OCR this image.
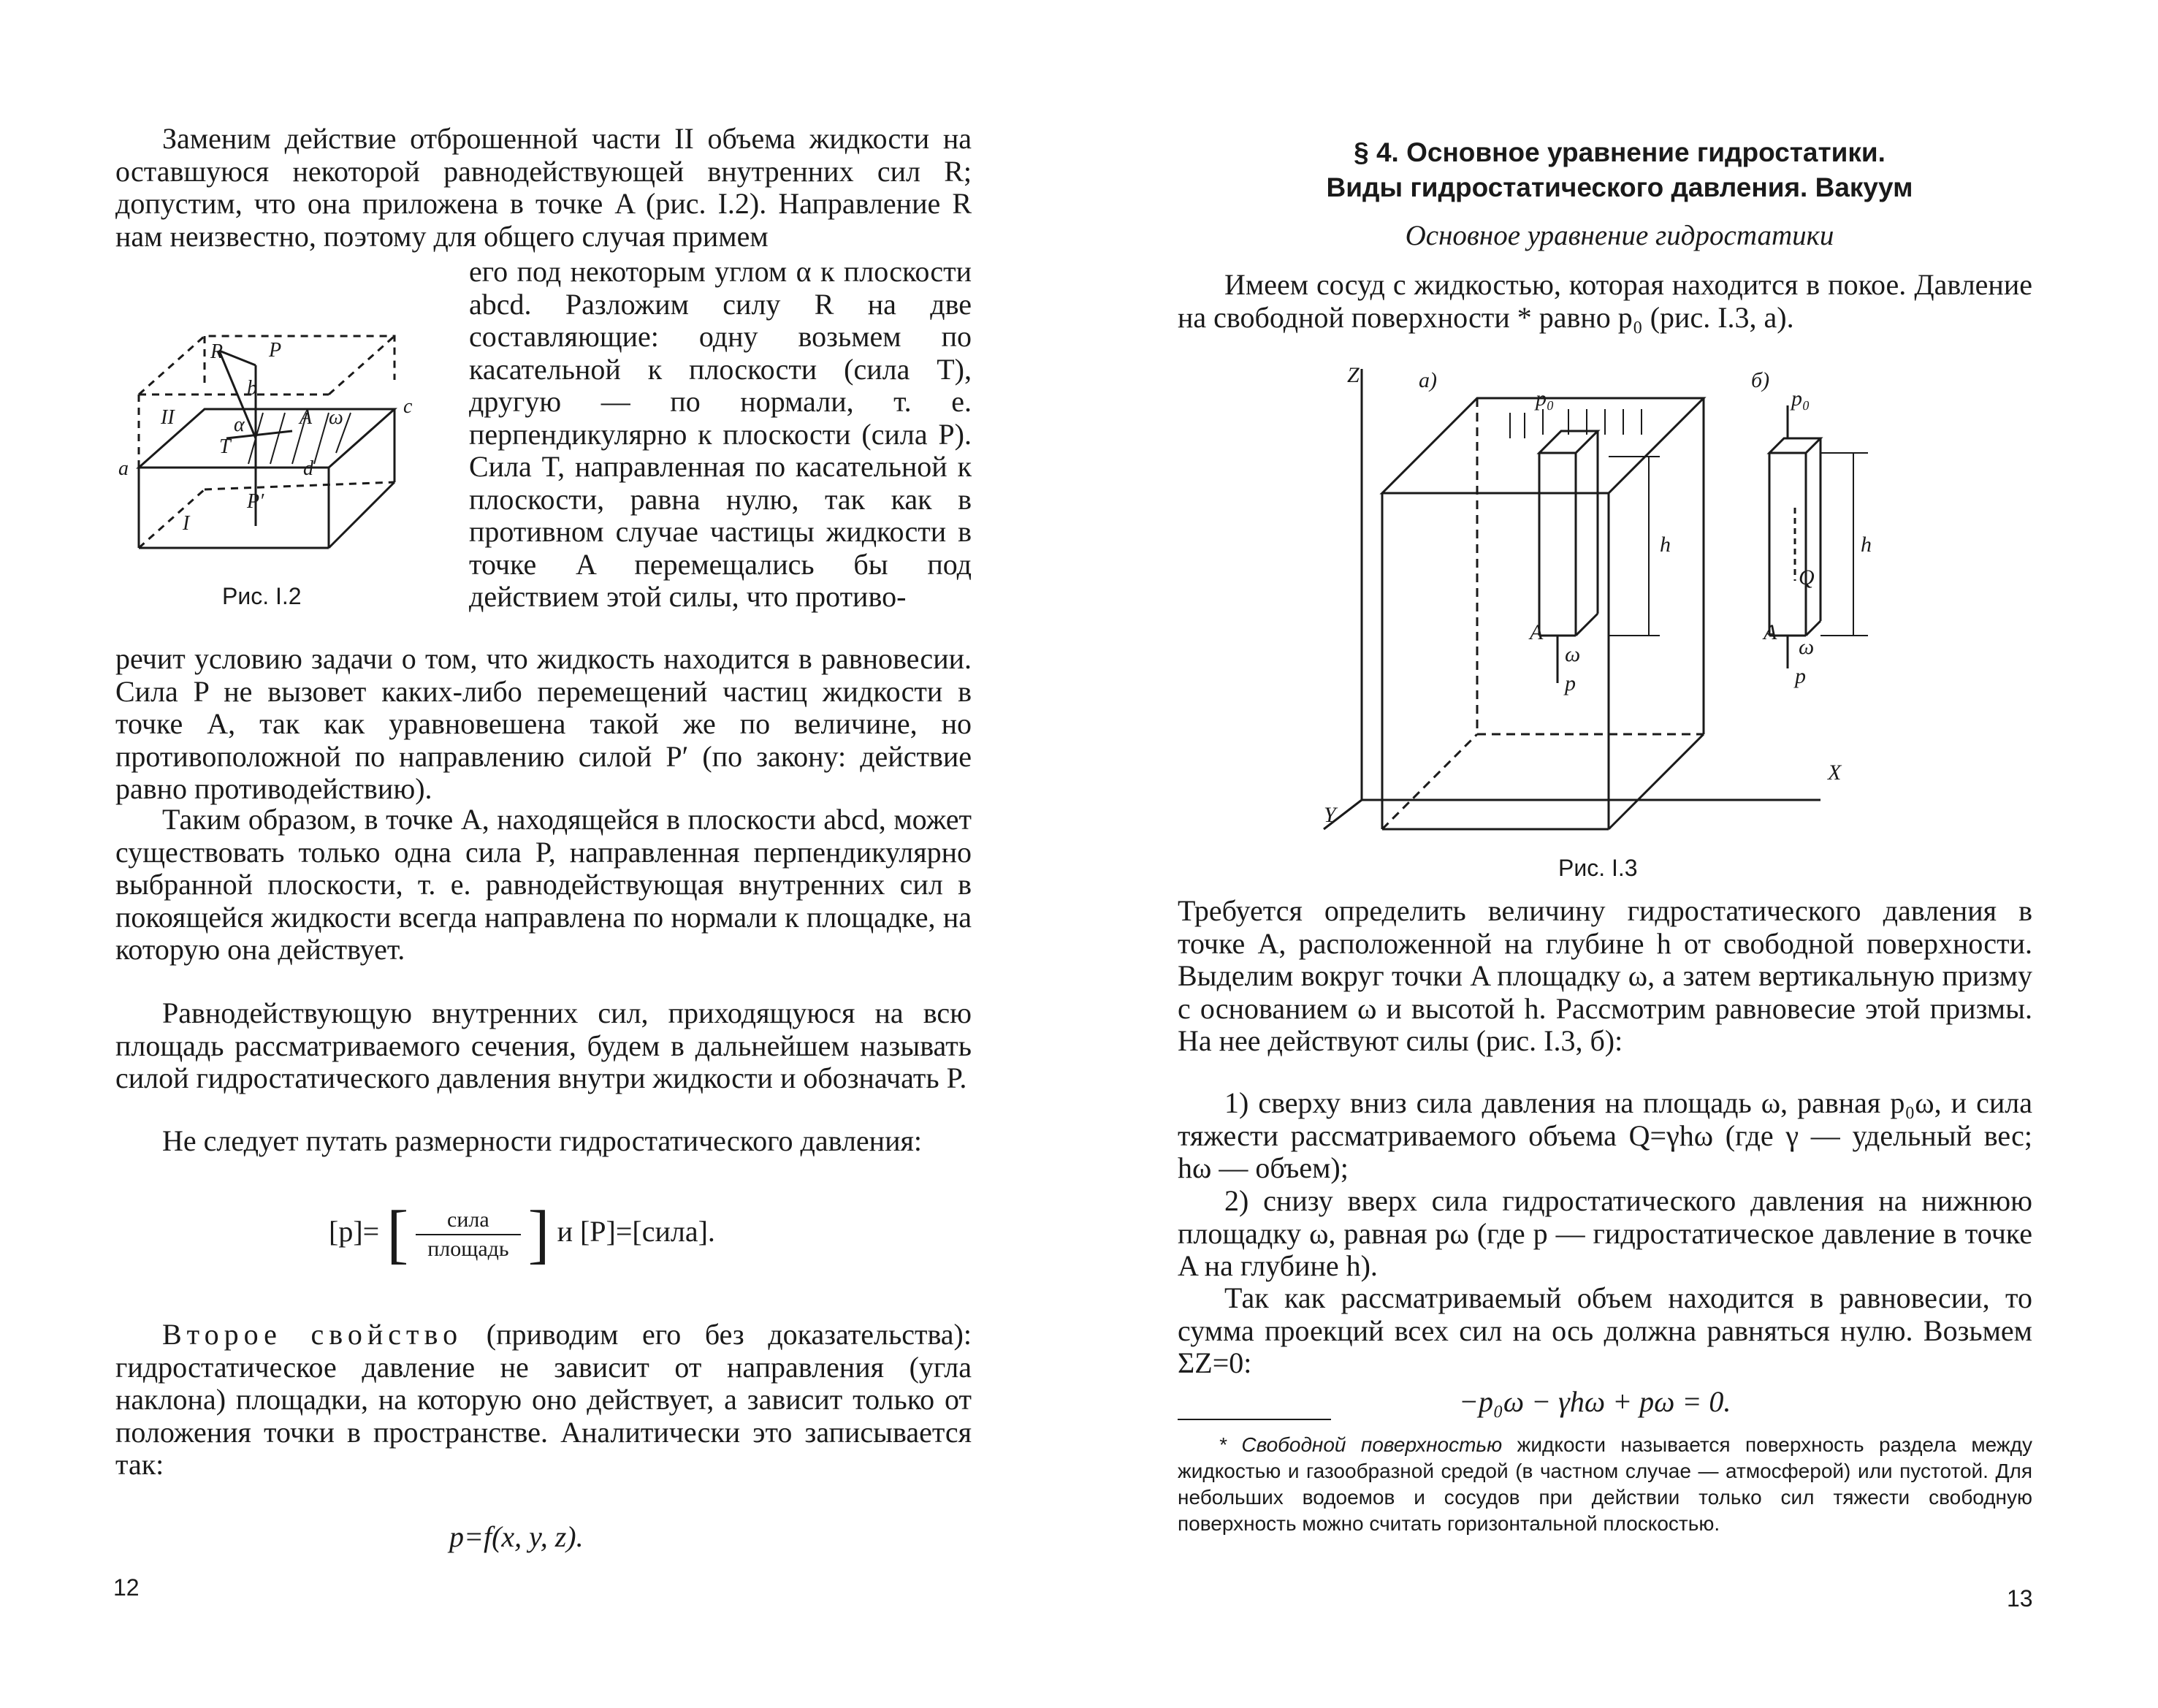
Заменим действие отброшенной части II объема жидкости на оставшуюся некоторой равнодействующей внутренних сил R; допустим, что она приложена в точке A (рис. I.2). Направление R нам неизвестно, поэтому для общего случая примем

R P
b
c
II	α	A ω
T
a	d
P′
I
Рис. I.2

его под некоторым углом α к плоскости abcd. Разложим силу R на две составляющие: одну возьмем по касательной к плоскости (сила T), другую — по нормали, т. е. перпендикулярно к плоскости (сила P). Сила T, направленная по касательной к плоскости, равна нулю, так как в противном случае частицы жидкости в точке A перемещались бы под действием этой силы, что противо-

речит условию задачи о том, что жидкость находится в равновесии. Сила P не вызовет каких-либо перемещений частиц жидкости в точке A, так как уравновешена такой же по величине, но противоположной по направлению силой P′ (по закону: действие равно противодействию).

Таким образом, в точке A, находящейся в плоскости abcd, может существовать только одна сила P, направленная перпендикулярно выбранной плоскости, т. е. равнодействующая внутренних сил в покоящейся жидкости всегда направлена по нормали к площадке, на которую она действует.

Равнодействующую внутренних сил, приходящуюся на всю площадь рассматриваемого сечения, будем в дальнейшем называть силой гидростатического давления внутри жидкости и обозначать P.

Не следует путать размерности гидростатического давления:

[p]= [ $\frac{\text{сила}}{\text{площадь}}$ ] и [P]=[сила].

Второе свойство (приводим его без доказательства): гидростатическое давление не зависит от направления (угла наклона) площадки, на которую оно действует, а зависит только от положения точки в пространстве. Аналитически это записывается так:

p=f(x, y, z).
12
§ 4. Основное уравнение гидростатики.
Виды гидростатического давления. Вакуум
Основное уравнение гидростатики

Имеем сосуд с жидкостью, которая находится в покое. Давление на свободной поверхности * равно p₀ (рис. I.3, a).

Z
X
Y
а)	б)
p₀	p₀
h	h
A	A
ω	ω
p	p
Q
Рис. I.3

Требуется определить величину гидростатического давления в точке A, расположенной на глубине h от свободной поверхности. Выделим вокруг точки A площадку ω, а затем вертикальную призму с основанием ω и высотой h. Рассмотрим равновесие этой призмы. На нее действуют силы (рис. I.3, б):

1) сверху вниз сила давления на площадь ω, равная p₀ω, и сила тяжести рассматриваемого объема Q=γhω (где γ — удельный вес; hω — объем);

2) снизу вверх сила гидростатического давления на нижнюю площадку ω, равная pω (где p — гидростатическое давление в точке A на глубине h).

Так как рассматриваемый объем находится в равновесии, то сумма проекций всех сил на ось должна равняться нулю. Возьмем ΣZ=0:

−p₀ω − γhω + pω = 0.

* Свободной поверхностью жидкости называется поверхность раздела между жидкостью и газообразной средой (в частном случае — атмосферой) или пустотой. Для небольших водоемов и сосудов при действии только сил тяжести свободную поверхность можно считать горизонтальной плоскостью.

13
